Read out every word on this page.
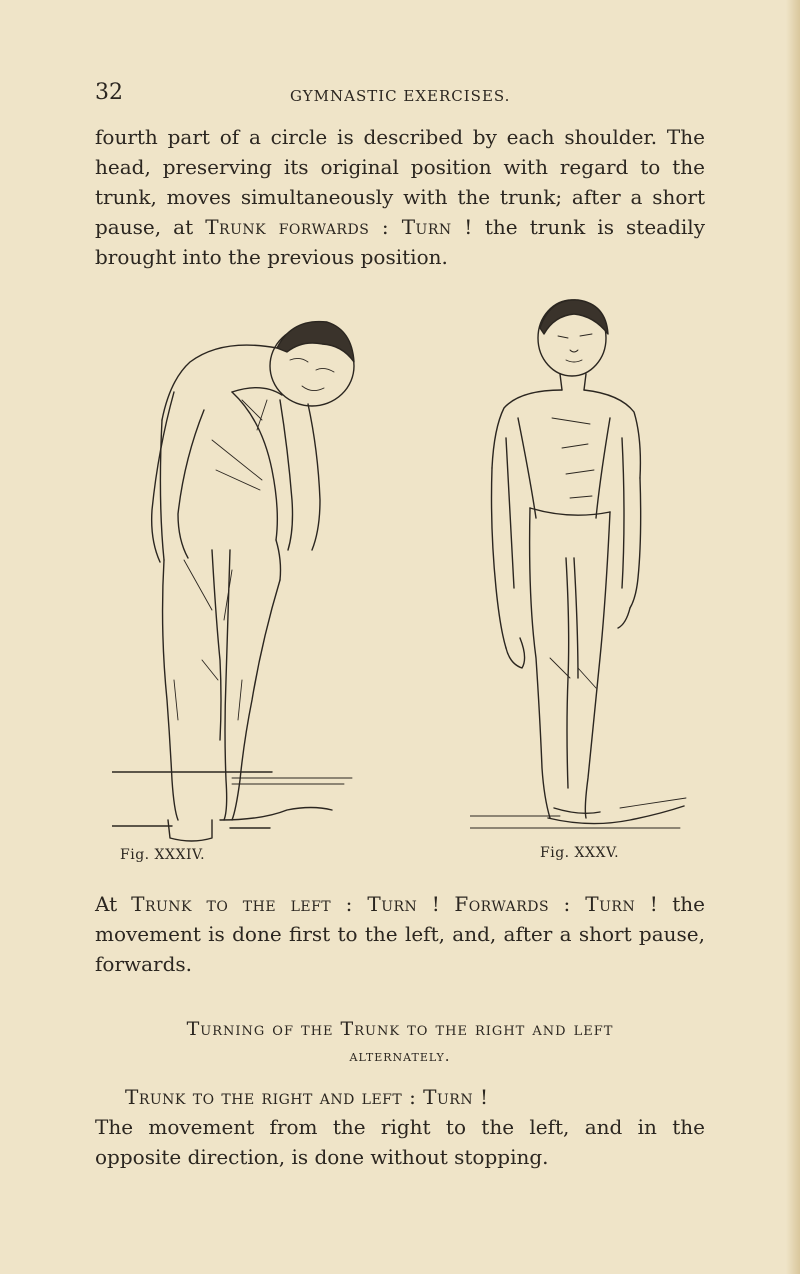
32	GYMNASTIC EXERCISES.

fourth part of a circle is described by each shoulder. The head, preserving its original position with regard to the trunk, moves simultaneously with the trunk; after a short pause, at Trunk forwards : Turn ! the trunk is steadily brought into the previous position.

Fig. XXXIV.	Fig. XXXV.

At Trunk to the left : Turn ! Forwards : Turn ! the movement is done first to the left, and, after a short pause, forwards.

Turning of the Trunk to the right and left

alternately.

Trunk to the right and left : Turn !
The movement from the right to the left, and in the opposite direction, is done without stopping.
